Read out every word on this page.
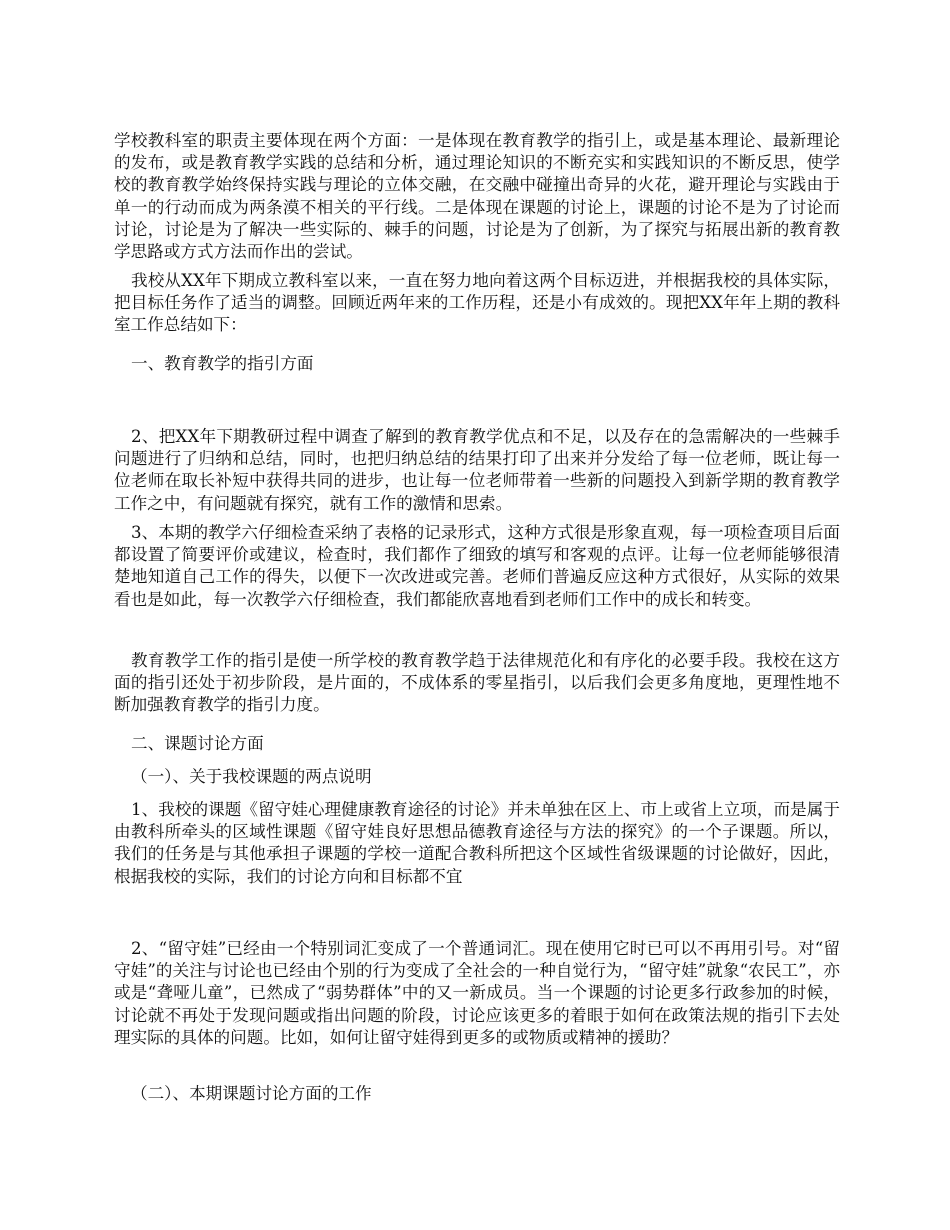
学校教科室的职责主要体现在两个方面：一是体现在教育教学的指引上，或是基本理论、最新理论的发布，或是教育教学实践的总结和分析，通过理论知识的不断充实和实践知识的不断反思，使学校的教育教学始终保持实践与理论的立体交融，在交融中碰撞出奇异的火花，避开理论与实践由于单一的行动而成为两条漠不相关的平行线。二是体现在课题的讨论上，课题的讨论不是为了讨论而讨论，讨论是为了解决一些实际的、棘手的问题，讨论是为了创新，为了探究与拓展出新的教育教学思路或方式方法而作出的尝试。

我校从XX年下期成立教科室以来，一直在努力地向着这两个目标迈进，并根据我校的具体实际，把目标任务作了适当的调整。回顾近两年来的工作历程，还是小有成效的。现把XX年年上期的教科室工作总结如下：

一、教育教学的指引方面

2、把XX年下期教研过程中调查了解到的教育教学优点和不足，以及存在的急需解决的一些棘手问题进行了归纳和总结，同时，也把归纳总结的结果打印了出来并分发给了每一位老师，既让每一位老师在取长补短中获得共同的进步，也让每一位老师带着一些新的问题投入到新学期的教育教学工作之中，有问题就有探究，就有工作的激情和思索。

3、本期的教学六仔细检查采纳了表格的记录形式，这种方式很是形象直观，每一项检查项目后面都设置了简要评价或建议，检查时，我们都作了细致的填写和客观的点评。让每一位老师能够很清楚地知道自己工作的得失，以便下一次改进或完善。老师们普遍反应这种方式很好，从实际的效果看也是如此，每一次教学六仔细检查，我们都能欣喜地看到老师们工作中的成长和转变。

教育教学工作的指引是使一所学校的教育教学趋于法律规范化和有序化的必要手段。我校在这方面的指引还处于初步阶段，是片面的，不成体系的零星指引，以后我们会更多角度地，更理性地不断加强教育教学的指引力度。

二、课题讨论方面

（一）、关于我校课题的两点说明

1、我校的课题《留守娃心理健康教育途径的讨论》并未单独在区上、市上或省上立项，而是属于由教科所牵头的区域性课题《留守娃良好思想品德教育途径与方法的探究》的一个子课题。所以，我们的任务是与其他承担子课题的学校一道配合教科所把这个区域性省级课题的讨论做好，因此，根据我校的实际，我们的讨论方向和目标都不宜

2、“留守娃”已经由一个特别词汇变成了一个普通词汇。现在使用它时已可以不再用引号。对“留守娃”的关注与讨论也已经由个别的行为变成了全社会的一种自觉行为，“留守娃”就象“农民工”，亦或是“聋哑儿童”，已然成了“弱势群体”中的又一新成员。当一个课题的讨论更多行政参加的时候，讨论就不再处于发现问题或指出问题的阶段，讨论应该更多的着眼于如何在政策法规的指引下去处理实际的具体的问题。比如，如何让留守娃得到更多的或物质或精神的援助？

（二）、本期课题讨论方面的工作
